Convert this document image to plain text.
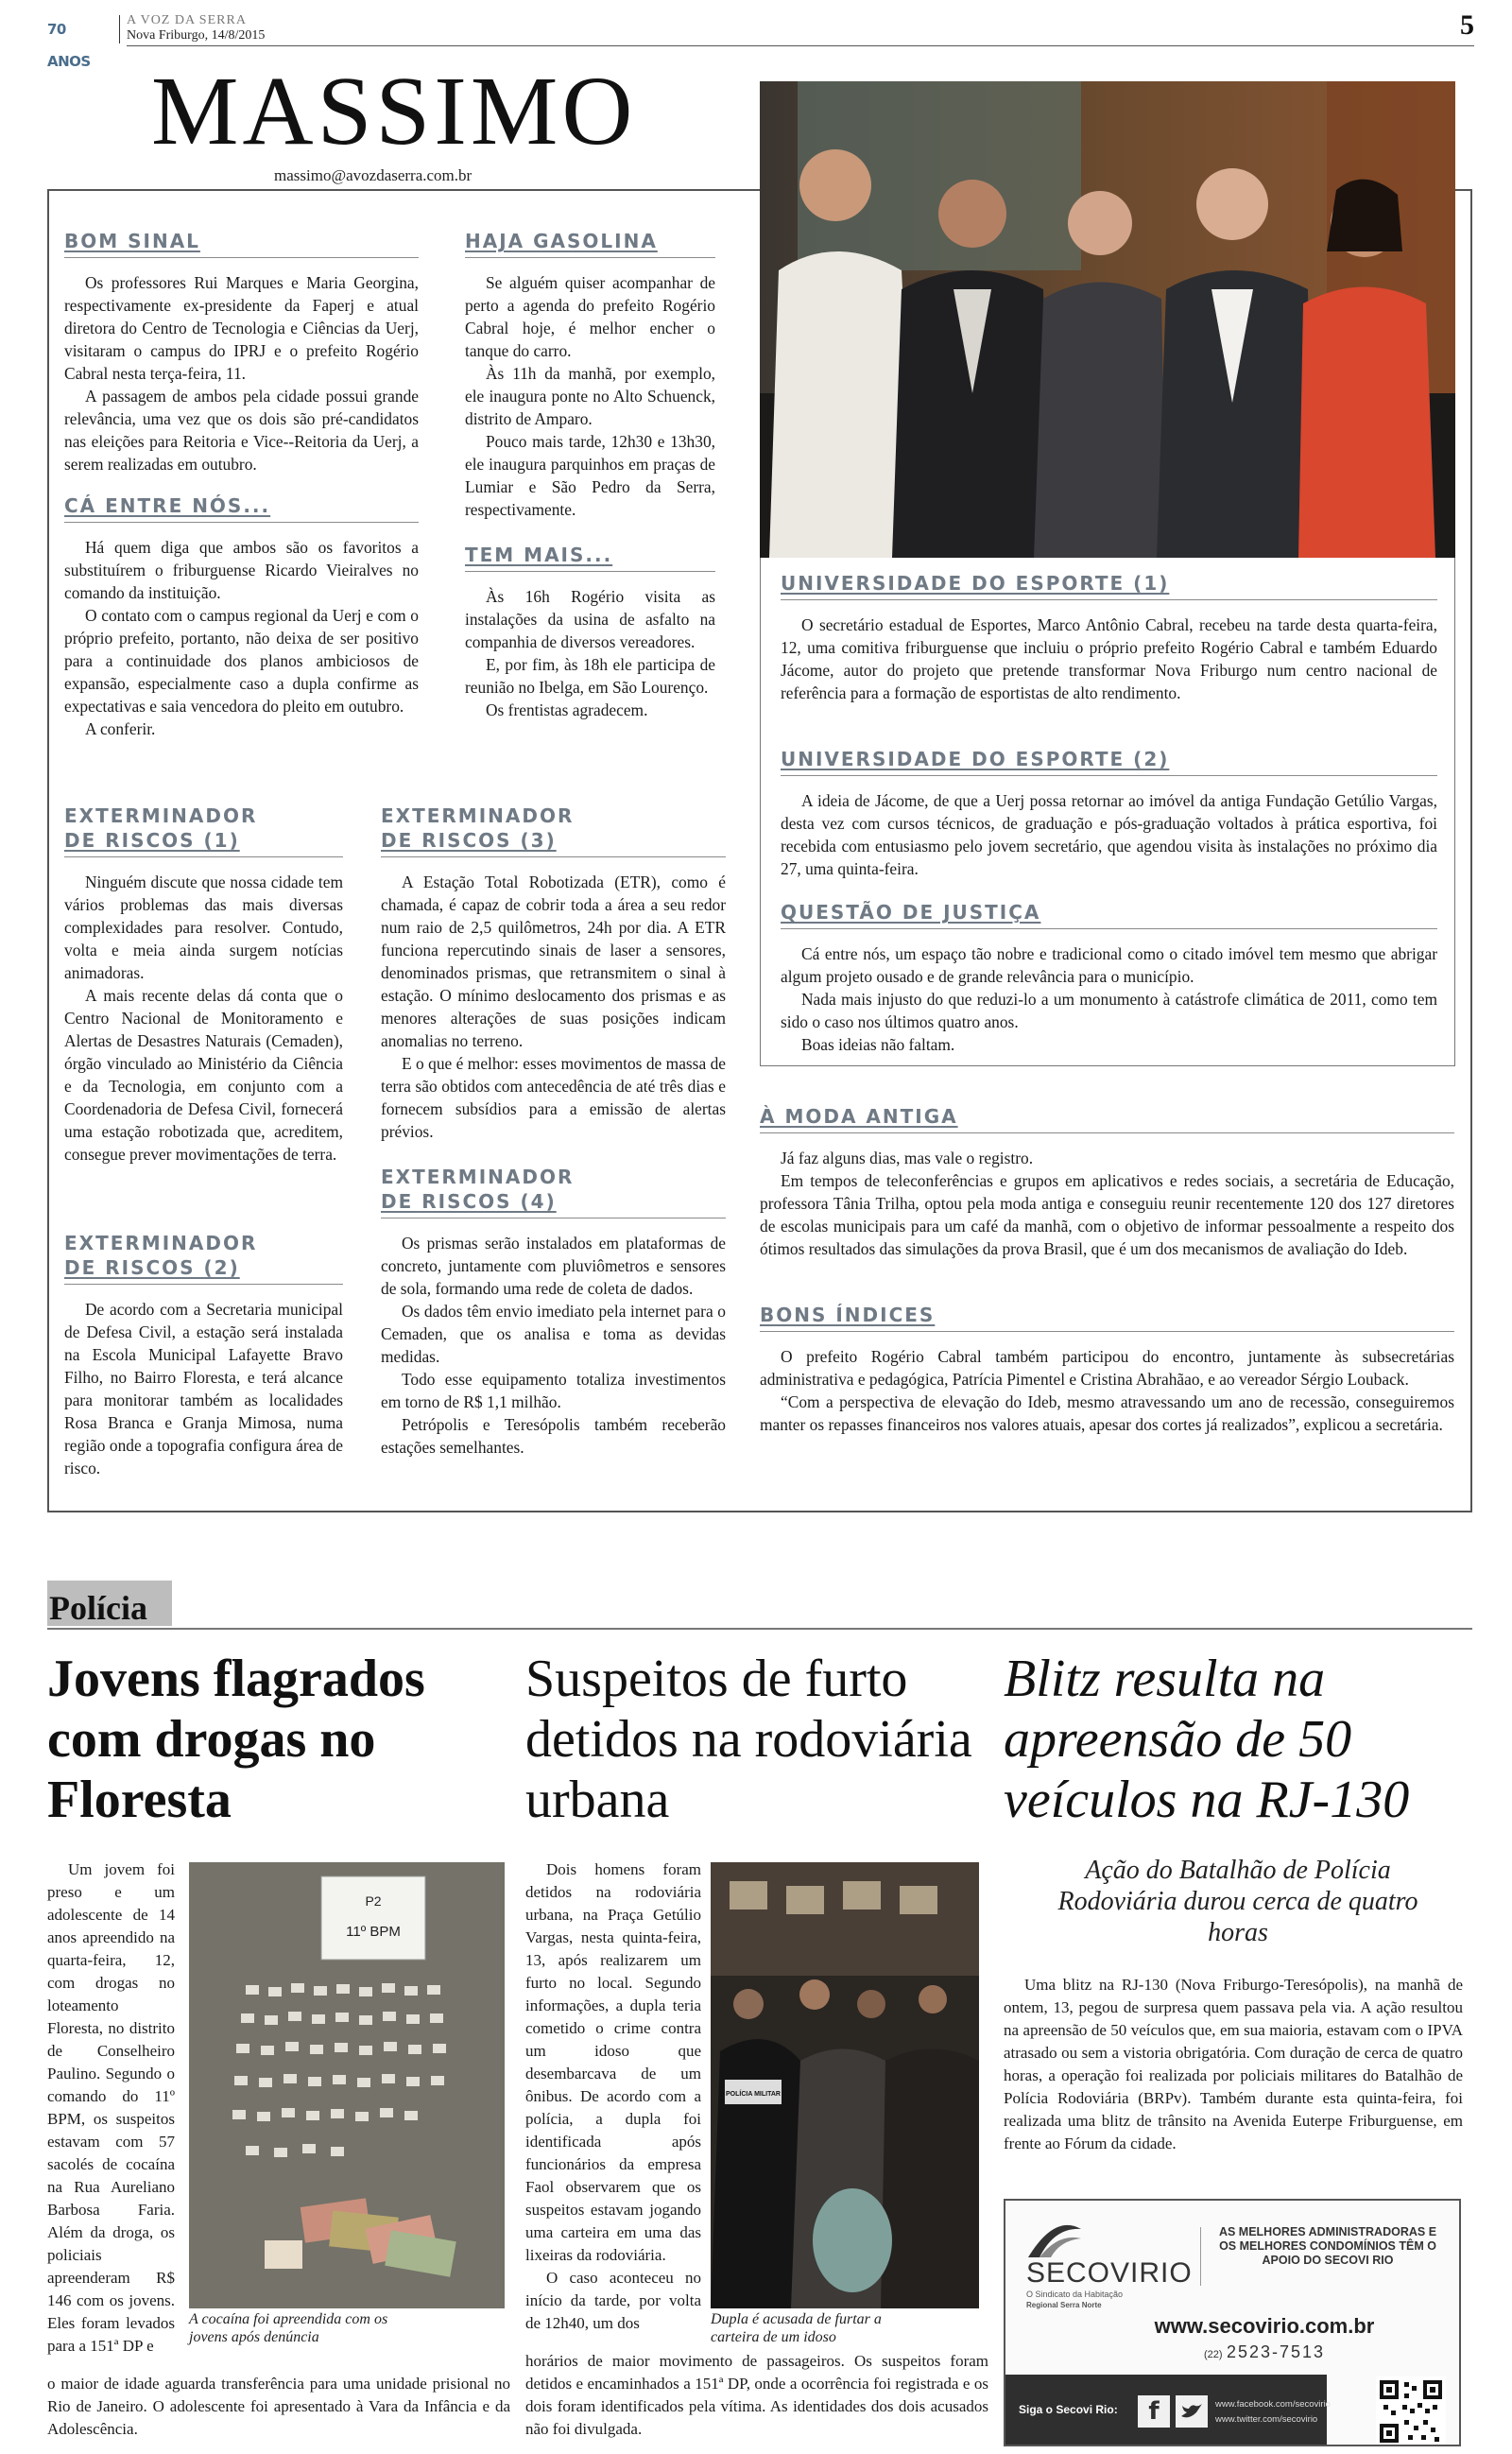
70 ANOS
A VOZ DA SERRA
Nova Friburgo, 14/8/2015	5
MASSIMO
massimo@avozdaserra.com.br
BOM SINAL

Os professores Rui Marques e Maria Georgina, respectivamente ex-presidente da Faperj e atual diretora do Centro de Tecnologia e Ciências da Uerj, visitaram o campus do IPRJ e o prefeito Rogério Cabral nesta terça-feira, 11.

A passagem de ambos pela cidade possui grande relevância, uma vez que os dois são pré-candidatos nas eleições para Reitoria e Vice--Reitoria da Uerj, a serem realizadas em outubro.

CÁ ENTRE NÓS...

Há quem diga que ambos são os favoritos a substituírem o friburguense Ricardo Vieiralves no comando da instituição.

O contato com o campus regional da Uerj e com o próprio prefeito, portanto, não deixa de ser positivo para a continuidade dos planos ambiciosos de expansão, especialmente caso a dupla confirme as expectativas e saia vencedora do pleito em outubro.

A conferir.

HAJA GASOLINA

Se alguém quiser acompanhar de perto a agenda do prefeito Rogério Cabral hoje, é melhor encher o tanque do carro.

Às 11h da manhã, por exemplo, ele inaugura ponte no Alto Schuenck, distrito de Amparo.

Pouco mais tarde, 12h30 e 13h30, ele inaugura parquinhos em praças de Lumiar e São Pedro da Serra, respectivamente.

TEM MAIS...

Às 16h Rogério visita as instalações da usina de asfalto na companhia de diversos vereadores.

E, por fim, às 18h ele participa de reunião no Ibelga, em São Lourenço.

Os frentistas agradecem.

EXTERMINADOR
DE RISCOS (1)

Ninguém discute que nossa cidade tem vários problemas das mais diversas complexidades para resolver. Contudo, volta e meia ainda surgem notícias animadoras.

A mais recente delas dá conta que o Centro Nacional de Monitoramento e Alertas de Desastres Naturais (Cemaden), órgão vinculado ao Ministério da Ciência e da Tecnologia, em conjunto com a Coordenadoria de Defesa Civil, fornecerá uma estação robotizada que, acreditem, consegue prever movimentações de terra.

EXTERMINADOR
DE RISCOS (2)

De acordo com a Secretaria municipal de Defesa Civil, a estação será instalada na Escola Municipal Lafayette Bravo Filho, no Bairro Floresta, e terá alcance para monitorar também as localidades Rosa Branca e Granja Mimosa, numa região onde a topografia configura área de risco.

EXTERMINADOR
DE RISCOS (3)

A Estação Total Robotizada (ETR), como é chamada, é capaz de cobrir toda a área a seu redor num raio de 2,5 quilômetros, 24h por dia. A ETR funciona repercutindo sinais de laser a sensores, denominados prismas, que retransmitem o sinal à estação. O mínimo deslocamento dos prismas e as menores alterações de suas posições indicam anomalias no terreno.

E o que é melhor: esses movimentos de massa de terra são obtidos com antecedência de até três dias e fornecem subsídios para a emissão de alertas prévios.

EXTERMINADOR
DE RISCOS (4)

Os prismas serão instalados em plataformas de concreto, juntamente com pluviômetros e sensores de sola, formando uma rede de coleta de dados.

Os dados têm envio imediato pela internet para o Cemaden, que os analisa e toma as devidas medidas.

Todo esse equipamento totaliza investimentos em torno de R$ 1,1 milhão.

Petrópolis e Teresópolis também receberão estações semelhantes.

UNIVERSIDADE DO ESPORTE (1)

O secretário estadual de Esportes, Marco Antônio Cabral, recebeu na tarde desta quarta-feira, 12, uma comitiva friburguense que incluiu o próprio prefeito Rogério Cabral e também Eduardo Jácome, autor do projeto que pretende transformar Nova Friburgo num centro nacional de referência para a formação de esportistas de alto rendimento.

UNIVERSIDADE DO ESPORTE (2)

A ideia de Jácome, de que a Uerj possa retornar ao imóvel da antiga Fundação Getúlio Vargas, desta vez com cursos técnicos, de graduação e pós-graduação voltados à prática esportiva, foi recebida com entusiasmo pelo jovem secretário, que agendou visita às instalações no próximo dia 27, uma quinta-feira.

QUESTÃO DE JUSTIÇA

Cá entre nós, um espaço tão nobre e tradicional como o citado imóvel tem mesmo que abrigar algum projeto ousado e de grande relevância para o município.

Nada mais injusto do que reduzi-lo a um monumento à catástrofe climática de 2011, como tem sido o caso nos últimos quatro anos.

Boas ideias não faltam.

À MODA ANTIGA

Já faz alguns dias, mas vale o registro.

Em tempos de teleconferências e grupos em aplicativos e redes sociais, a secretária de Educação, professora Tânia Trilha, optou pela moda antiga e conseguiu reunir recentemente 120 dos 127 diretores de escolas municipais para um café da manhã, com o objetivo de informar pessoalmente a respeito dos ótimos resultados das simulações da prova Brasil, que é um dos mecanismos de avaliação do Ideb.

BONS ÍNDICES

O prefeito Rogério Cabral também participou do encontro, juntamente às subsecretárias administrativa e pedagógica, Patrícia Pimentel e Cristina Abrahãao, e ao vereador Sérgio Louback.

“Com a perspectiva de elevação do Ideb, mesmo atravessando um ano de recessão, conseguiremos manter os repasses financeiros nos valores atuais, apesar dos cortes já realizados”, explicou a secretária.

Polícia
Jovens flagrados com drogas no Floresta

Um jovem foi preso e um adolescente de 14 anos apreendido na quarta-feira, 12, com drogas no loteamento Floresta, no distrito de Conselheiro Paulino. Segundo o comando do 11º BPM, os suspeitos estavam com 57 sacolés de cocaína na Rua Aureliano Barbosa Faria. Além da droga, os policiais apreenderam R$ 146 com os jovens. Eles foram levados para a 151ª DP e

P2
11º BPM
A cocaína foi apreendida com os jovens após denúncia

o maior de idade aguarda transferência para uma unidade prisional no Rio de Janeiro. O adolescente foi apresentado à Vara da Infância e da Adolescência.

Suspeitos de furto detidos na rodoviária urbana

Dois homens foram detidos na rodoviária urbana, na Praça Getúlio Vargas, nesta quinta-feira, 13, após realizarem um furto no local. Segundo informações, a dupla teria cometido o crime contra um idoso que desembarcava de um ônibus. De acordo com a polícia, a dupla foi identificada após funcionários da empresa Faol observarem que os suspeitos estavam jogando uma carteira em uma das lixeiras da rodoviária.

O caso aconteceu no início da tarde, por volta de 12h40, um dos

POLÍCIA MILITAR
Dupla é acusada de furtar a carteira de um idoso

horários de maior movimento de passageiros. Os suspeitos foram detidos e encaminhados a 151ª DP, onde a ocorrência foi registrada e os dois foram identificados pela vítima. As identidades dos dois acusados não foi divulgada.

Blitz resulta na apreensão de 50 veículos na RJ-130
Ação do Batalhão de Polícia Rodoviária durou cerca de quatro horas

Uma blitz na RJ-130 (Nova Friburgo-Teresópolis), na manhã de ontem, 13, pegou de surpresa quem passava pela via. A ação resultou na apreensão de 50 veículos que, em sua maioria, estavam com o IPVA atrasado ou sem a vistoria obrigatória. Com duração de cerca de quatro horas, a operação foi realizada por policiais militares do Batalhão de Polícia Rodoviária (BRPv). Também durante esta quinta-feira, foi realizada uma blitz de trânsito na Avenida Euterpe Friburguense, em frente ao Fórum da cidade.

SECOVIRIO
O Sindicato da Habitação
Regional Serra Norte
AS MELHORES ADMINISTRADORAS E OS MELHORES CONDOMÍNIOS TÊM O APOIO DO SECOVI RIO
www.secovirio.com.br
(22) 2523-7513
Siga o Secovi Rio:	f	www.facebook.com/secovirio
www.twitter.com/secovirio
